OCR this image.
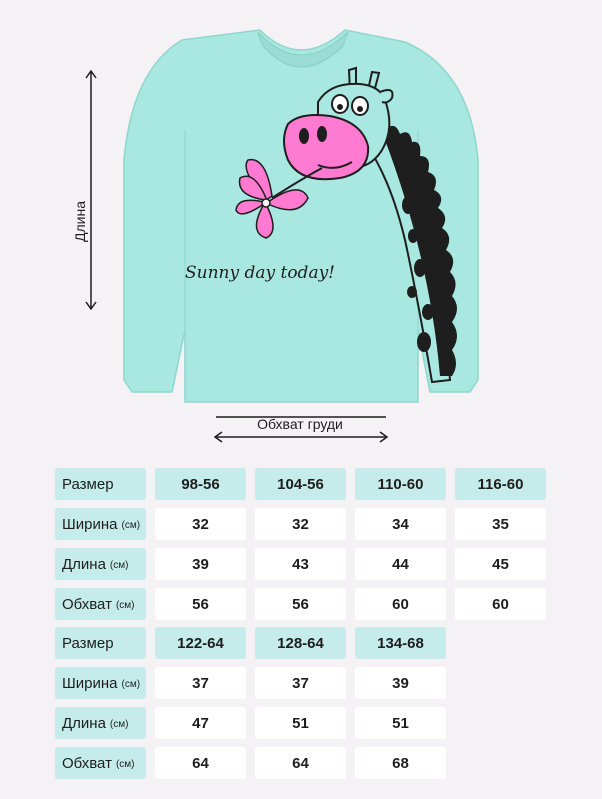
Sunny day today!
Длина
Обхват груди
Размер	98-56	104-56	110-60	116-60
Ширина (см)	32	32	34	35
Длина (см)	39	43	44	45
Обхват (см)	56	56	60	60
Размер	122-64	128-64	134-68
Ширина (см)	37	37	39
Длина (см)	47	51	51
Обхват (см)	64	64	68
